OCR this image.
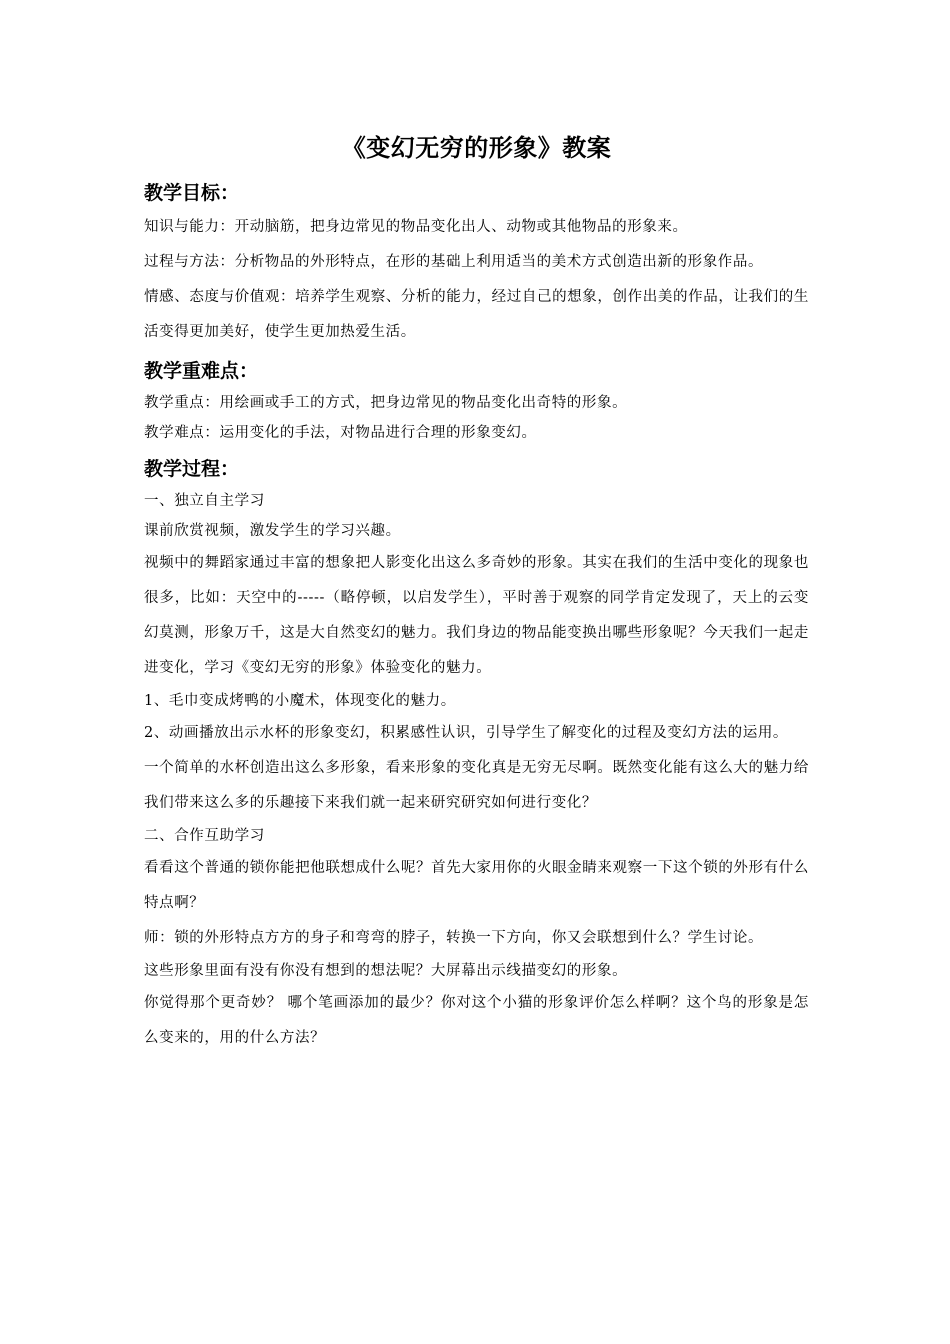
《变幻无穷的形象》教案
教学目标：

知识与能力：开动脑筋，把身边常见的物品变化出人、动物或其他物品的形象来。

过程与方法：分析物品的外形特点，在形的基础上利用适当的美术方式创造出新的形象作品。

情感、态度与价值观：培养学生观察、分析的能力，经过自己的想象，创作出美的作品，让我们的生活变得更加美好，使学生更加热爱生活。

教学重难点：

教学重点：用绘画或手工的方式，把身边常见的物品变化出奇特的形象。

教学难点：运用变化的手法，对物品进行合理的形象变幻。

教学过程：

一、独立自主学习

课前欣赏视频，激发学生的学习兴趣。

视频中的舞蹈家通过丰富的想象把人影变化出这么多奇妙的形象。其实在我们的生活中变化的现象也很多，比如：天空中的-----（略停顿，以启发学生），平时善于观察的同学肯定发现了，天上的云变幻莫测，形象万千，这是大自然变幻的魅力。我们身边的物品能变换出哪些形象呢？今天我们一起走进变化，学习《变幻无穷的形象》体验变化的魅力。

1、毛巾变成烤鸭的小魔术，体现变化的魅力。

2、动画播放出示水杯的形象变幻，积累感性认识，引导学生了解变化的过程及变幻方法的运用。

一个简单的水杯创造出这么多形象，看来形象的变化真是无穷无尽啊。既然变化能有这么大的魅力给我们带来这么多的乐趣接下来我们就一起来研究研究如何进行变化？

二、合作互助学习

看看这个普通的锁你能把他联想成什么呢？首先大家用你的火眼金睛来观察一下这个锁的外形有什么特点啊？

师：锁的外形特点方方的身子和弯弯的脖子，转换一下方向，你又会联想到什么？学生讨论。

这些形象里面有没有你没有想到的想法呢？大屏幕出示线描变幻的形象。

你觉得那个更奇妙？ 哪个笔画添加的最少？你对这个小猫的形象评价怎么样啊？这个鸟的形象是怎么变来的，用的什么方法？
